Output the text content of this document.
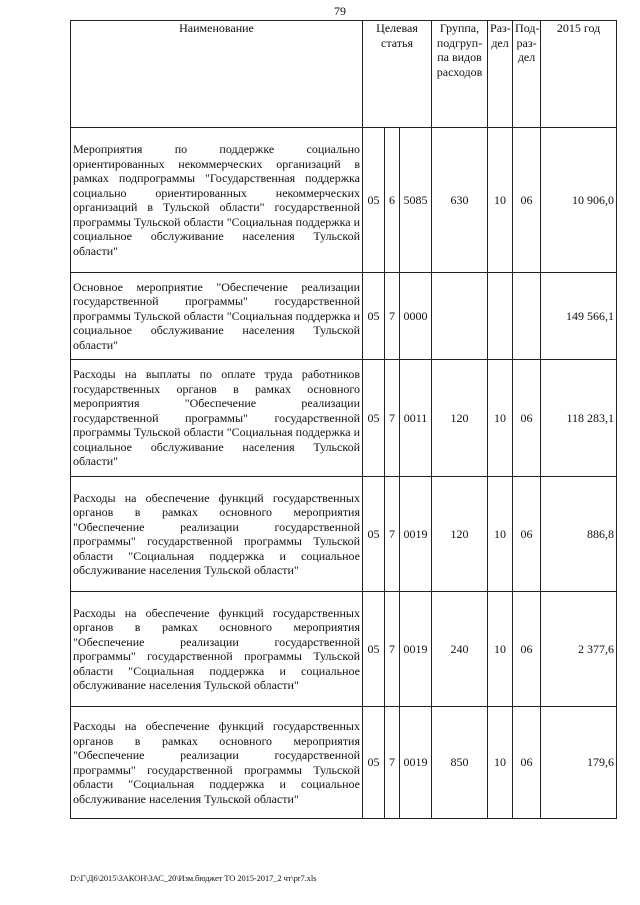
79
Наименование	Целевая статья			Группа, подгруп-па видов расходов	Раз-дел	Под-раз-дел	2015 год
Мероприятия по поддержке социально ориентированных некоммерческих организаций в рамках подпрограммы "Государственная поддержка социально ориентированных некоммерческих организаций в Тульской области" государственной программы Тульской области "Социальная поддержка и социальное обслуживание населения Тульской области"	05	6	5085	630	10	06	10 906,0
Основное мероприятие "Обеспечение реализации государственной программы" государственной программы Тульской области "Социальная поддержка и социальное обслуживание населения Тульской области"	05	7	0000				149 566,1
Расходы на выплаты по оплате труда работников государственных органов в рамках основного мероприятия "Обеспечение реализации государственной программы" государственной программы Тульской области "Социальная поддержка и социальное обслуживание населения Тульской области"	05	7	0011	120	10	06	118 283,1
Расходы на обеспечение функций государственных органов в рамках основного мероприятия "Обеспечение реализации государственной программы" государственной программы Тульской области "Социальная поддержка и социальное обслуживание населения Тульской области"	05	7	0019	120	10	06	886,8
Расходы на обеспечение функций государственных органов в рамках основного мероприятия "Обеспечение реализации государственной программы" государственной программы Тульской области "Социальная поддержка и социальное обслуживание населения Тульской области"	05	7	0019	240	10	06	2 377,6
Расходы на обеспечение функций государственных органов в рамках основного мероприятия "Обеспечение реализации государственной программы" государственной программы Тульской области "Социальная поддержка и социальное обслуживание населения Тульской области"	05	7	0019	850	10	06	179,6
D:\Г\Д6\2015\ЗАКОН\ЗАС_20\Изм.бюджет ТО 2015-2017_2 чт\pr7.xls
